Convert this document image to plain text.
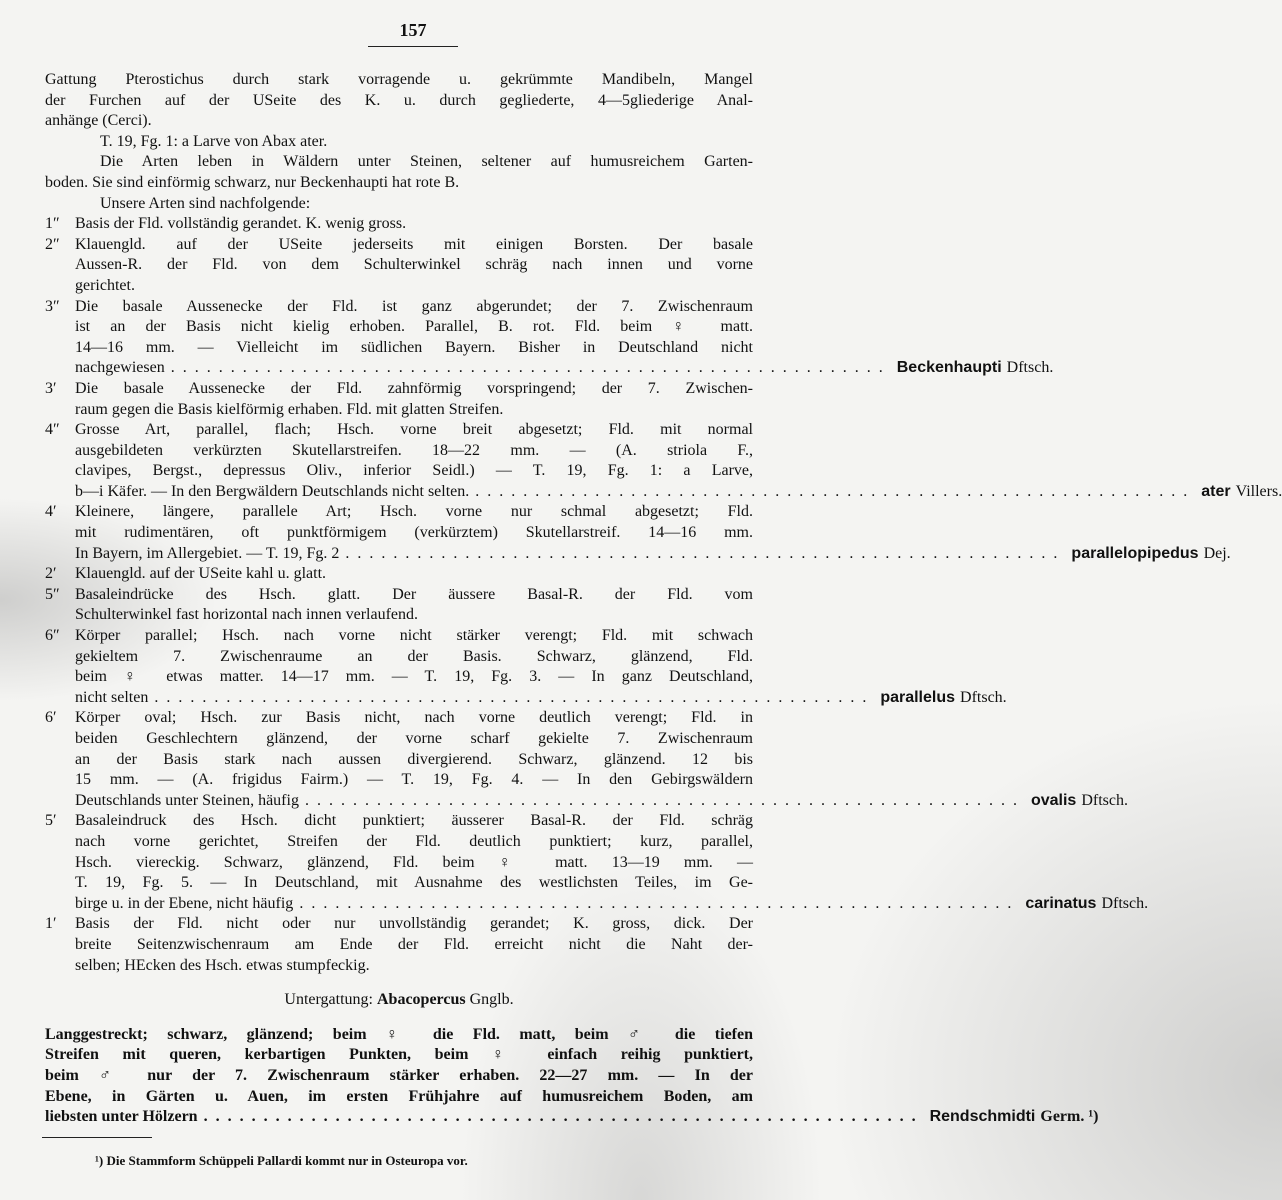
157
Gattung Pterostichus durch stark vorragende u. gekrümmte Mandibeln, Mangel
der Furchen auf der USeite des K. u. durch gegliederte, 4—5gliederige Anal-
anhänge (Cerci).
T. 19, Fg. 1: a Larve von Abax ater.
Die Arten leben in Wäldern unter Steinen, seltener auf humusreichem Garten-
boden. Sie sind einförmig schwarz, nur Beckenhaupti hat rote B.
Unsere Arten sind nachfolgende:
1″ Basis der Fld. vollständig gerandet. K. wenig gross.
2″ Klauengld. auf der USeite jederseits mit einigen Borsten. Der basale
Aussen-R. der Fld. von dem Schulterwinkel schräg nach innen und vorne
gerichtet.
3″ Die basale Aussenecke der Fld. ist ganz abgerundet; der 7. Zwischenraum
ist an der Basis nicht kielig erhoben. Parallel, B. rot. Fld. beim ♀ matt.
14—16 mm. — Vielleicht im südlichen Bayern. Bisher in Deutschland nicht
nachgewiesen ............................................................ Beckenhaupti Dftsch.
3′	Die basale Aussenecke der Fld. zahnförmig vorspringend; der 7. Zwischen-
raum gegen die Basis kielförmig erhaben. Fld. mit glatten Streifen.
4″ Grosse Art, parallel, flach; Hsch. vorne breit abgesetzt; Fld. mit normal
ausgebildeten verkürzten Skutellarstreifen. 18—22 mm. — (A. striola F.,
clavipes, Bergst., depressus Oliv., inferior Seidl.) — T. 19, Fg. 1: a Larve,
b—i Käfer. — In den Bergwäldern Deutschlands nicht selten. ............................................................ ater Villers.
4′	Kleinere, längere, parallele Art; Hsch. vorne nur schmal abgesetzt; Fld.
mit rudimentären, oft punktförmigem (verkürztem) Skutellarstreif. 14—16 mm.
In Bayern, im Allergebiet. — T. 19, Fg. 2 ............................................................ parallelopipedus Dej.
2′	Klauengld. auf der USeite kahl u. glatt.
5″ Basaleindrücke des Hsch. glatt. Der äussere Basal-R. der Fld. vom
Schulterwinkel fast horizontal nach innen verlaufend.
6″ Körper parallel; Hsch. nach vorne nicht stärker verengt; Fld. mit schwach
gekieltem 7. Zwischenraume an der Basis. Schwarz, glänzend, Fld.
beim ♀ etwas matter. 14—17 mm. — T. 19, Fg. 3. — In ganz Deutschland,
nicht selten ............................................................ parallelus Dftsch.
6′	Körper oval; Hsch. zur Basis nicht, nach vorne deutlich verengt; Fld. in
beiden Geschlechtern glänzend, der vorne scharf gekielte 7. Zwischenraum
an der Basis stark nach aussen divergierend. Schwarz, glänzend. 12 bis
15 mm. — (A. frigidus Fairm.) — T. 19, Fg. 4. — In den Gebirgswäldern
Deutschlands unter Steinen, häufig ............................................................ ovalis Dftsch.
5′	Basaleindruck des Hsch. dicht punktiert; äusserer Basal-R. der Fld. schräg
nach vorne gerichtet, Streifen der Fld. deutlich punktiert; kurz, parallel,
Hsch. viereckig. Schwarz, glänzend, Fld. beim ♀ matt. 13—19 mm. —
T. 19, Fg. 5. — In Deutschland, mit Ausnahme des westlichsten Teiles, im Ge-
birge u. in der Ebene, nicht häufig ............................................................ carinatus Dftsch.
1′	Basis der Fld. nicht oder nur unvollständig gerandet; K. gross, dick. Der
breite Seitenzwischenraum am Ende der Fld. erreicht nicht die Naht der-
selben; HEcken des Hsch. etwas stumpfeckig.
Untergattung: Abacopercus Gnglb.
Langgestreckt; schwarz, glänzend; beim ♀ die Fld. matt, beim ♂ die tiefen
Streifen mit queren, kerbartigen Punkten, beim ♀ einfach reihig punktiert,
beim ♂ nur der 7. Zwischenraum stärker erhaben. 22—27 mm. — In der
Ebene, in Gärten u. Auen, im ersten Frühjahre auf humusreichem Boden, am
liebsten unter Hölzern ............................................................ Rendschmidti Germ. ¹)
¹) Die Stammform Schüppeli Pallardi kommt nur in Osteuropa vor.
